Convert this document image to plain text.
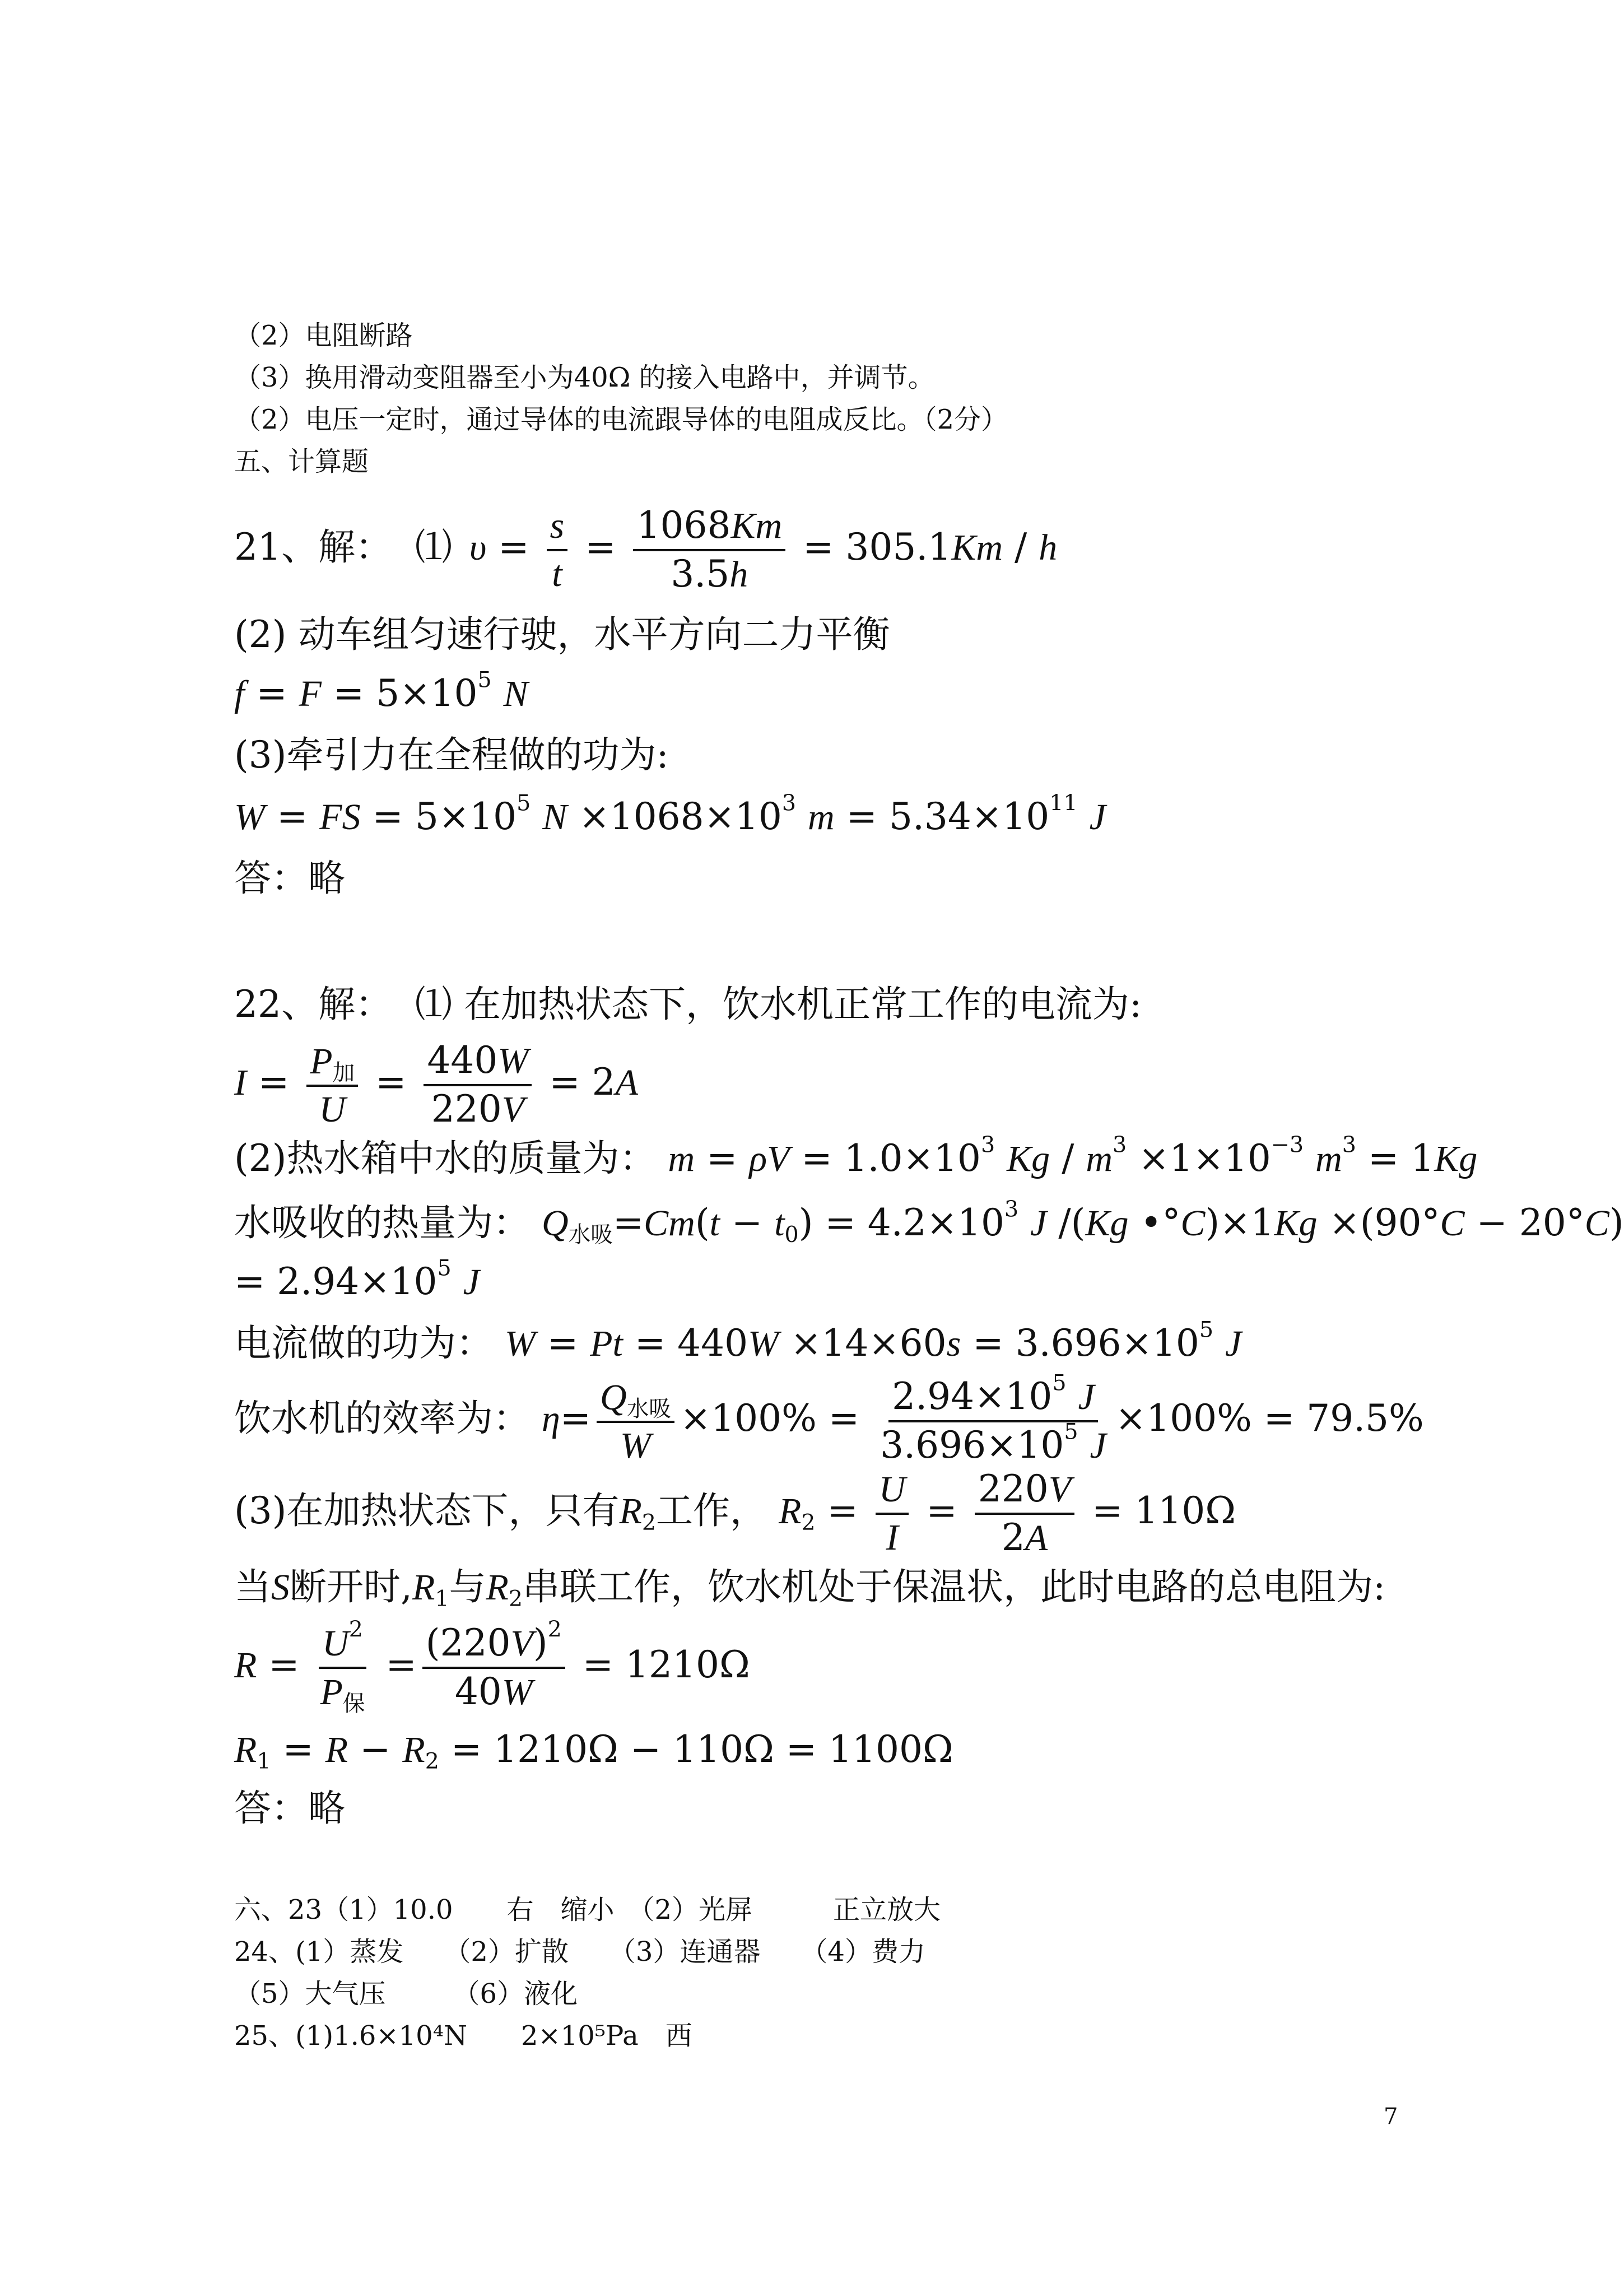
（2）电阻断路
（3）换用滑动变阻器至小为40Ω 的接入电路中，并调节。
（2）电压一定时，通过导体的电流跟导体的电阻成反比。（2分）
五、计算题
21、解： ⑴ $\upsilon = \frac{s}{t} = \frac{1068Km}{3.5h} = 305.1Km / h$
(2) 动车组匀速行驶，水平方向二力平衡
$f = F = 5\times 10^5$ N
(3)牵引力在全程做的功为:
W = FS = $5\times 10^5$ $N \times 1068\times 10^3$ $m = 5.34\times 10^{11}$ J
答：略
22、解： ⑴ 在加热状态下，饮水机正常工作的电流为:
$I = \frac{P_加}{U} = \frac{440W}{220V} = 2A$
(2)热水箱中水的质量为： $m = \rho V = 1.0\times 10^3$ $Kg / m^3 \times 1\times 10^{-3}$ $m^3 = 1Kg$
水吸收的热量为： $Q_{水吸}=Cm(t - t_0) = 4.2\times 10^3$ J /(Kg •°C)×1Kg ×(90°C − 20°C)
= $2.94\times 10^5$ J
电流做的功为： $W = Pt = 440W \times 14\times 60s = 3.696\times 10^5$ J
饮水机的效率为： $\eta= \frac{Q_{水吸}}{W} \times 100\% = \frac{2.94\times 10^5 J}{3.696\times 10^5 J} \times 100\% = 79.5\%$
(3)在加热状态下，只有$R_2$工作， $R_2 = \frac{U}{I} = \frac{220V}{2A} = 110\Omega$
当S断开时$,R_1$与$R_2$串联工作，饮水机处于保温状，此时电路的总电阻为:
$R = \frac{U^2}{P_保} = \frac{(220V)^2}{40W} = 1210\Omega$
$R_1 = R - R_2 = 1210\Omega - 110\Omega = 1100\Omega$
答：略
六、23（1）10.0　　右　缩小　（2）光屏　　　正立放大
24、(1）蒸发　　（2）扩散　　（3）连通器　　（4）费力
（5）大气压　　　（6）液化
25、(1)1.6×10⁴N　　2×10⁵Pa　西
7
